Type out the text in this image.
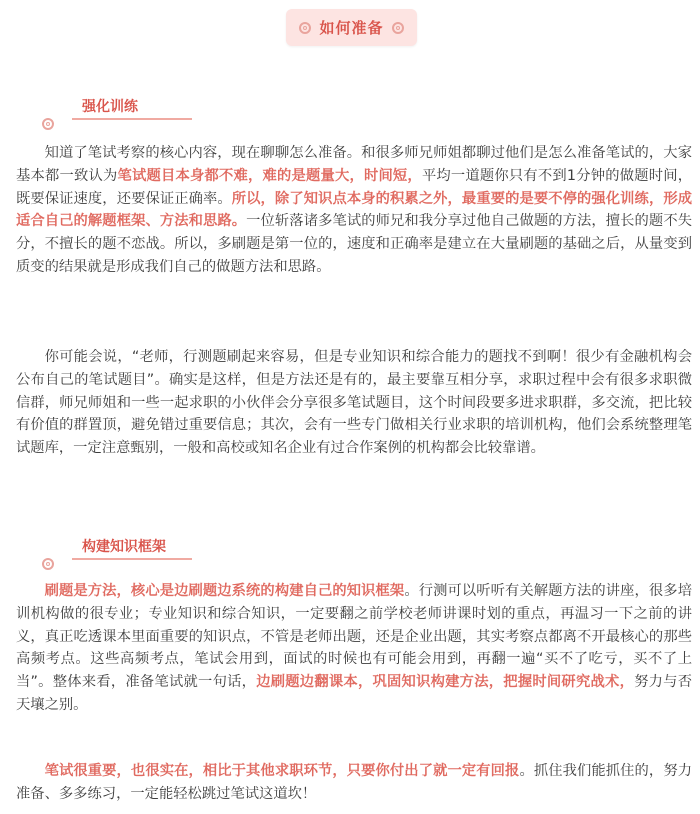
如何准备
强化训练

知道了笔试考察的核心内容，现在聊聊怎么准备。和很多师兄师姐都聊过他们是怎么准备笔试的，大家基本都一致认为笔试题目本身都不难，难的是题量大，时间短，平均一道题你只有不到1分钟的做题时间，既要保证速度，还要保证正确率。所以，除了知识点本身的积累之外，最重要的是要不停的强化训练，形成适合自己的解题框架、方法和思路。一位斩落诸多笔试的师兄和我分享过他自己做题的方法，擅长的题不失分，不擅长的题不恋战。所以，多刷题是第一位的，速度和正确率是建立在大量刷题的基础之后，从量变到质变的结果就是形成我们自己的做题方法和思路。

你可能会说，“老师，行测题刷起来容易，但是专业知识和综合能力的题找不到啊！很少有金融机构会公布自己的笔试题目”。确实是这样，但是方法还是有的，最主要靠互相分享，求职过程中会有很多求职微信群，师兄师姐和一些一起求职的小伙伴会分享很多笔试题目，这个时间段要多进求职群，多交流，把比较有价值的群置顶，避免错过重要信息；其次，会有一些专门做相关行业求职的培训机构，他们会系统整理笔试题库，一定注意甄别，一般和高校或知名企业有过合作案例的机构都会比较靠谱。

构建知识框架

刷题是方法，核心是边刷题边系统的构建自己的知识框架。行测可以听听有关解题方法的讲座，很多培训机构做的很专业；专业知识和综合知识，一定要翻之前学校老师讲课时划的重点，再温习一下之前的讲义，真正吃透课本里面重要的知识点，不管是老师出题，还是企业出题，其实考察点都离不开最核心的那些高频考点。这些高频考点，笔试会用到，面试的时候也有可能会用到，再翻一遍“买不了吃亏，买不了上当”。整体来看，准备笔试就一句话，边刷题边翻课本，巩固知识构建方法，把握时间研究战术，努力与否天壤之别。

笔试很重要，也很实在，相比于其他求职环节，只要你付出了就一定有回报。抓住我们能抓住的，努力准备、多多练习，一定能轻松跳过笔试这道坎！
